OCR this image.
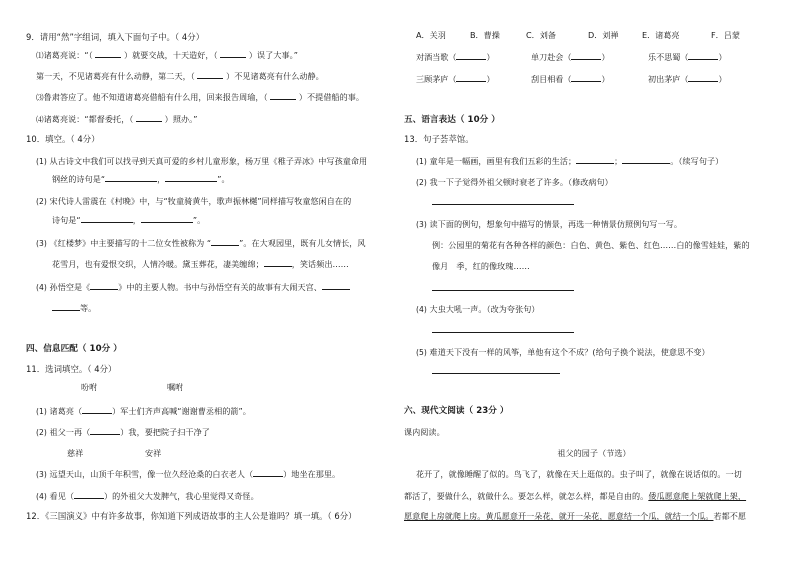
9．请用“然”字组词，填入下面句子中。（ 4分）
⑴诸葛亮说：“（	）就要交战，十天造好，（	）误了大事。”
第一天，不见诸葛亮有什么动静，第二天，（	）不见诸葛亮有什么动静。
⑶鲁肃答应了。他不知道诸葛亮借船有什么用，回来报告周瑜，（	）不提借船的事。
⑷诸葛亮说：“都督委托，（	）照办。”
10．填空。（ 4分）
(1) 从古诗文中我们可以找寻到天真可爱的乡村儿童形象，杨万里《稚子弄冰》中写孩童命用
钢丝的诗句是“	，	”。
(2) 宋代诗人雷震在《村晚》中，与“牧童骑黄牛，歌声振林樾”同样描写牧童悠闲自在的
诗句是“	，	”。
(3) 《红楼梦》中主要描写的十二位女性被称为 “	”。在大观园里，既有儿女情长，风
花雪月，也有爱恨交织，人情冷暖。黛玉葬花，凄美缠绵；	，笑话频出……
(4) 孙悟空是《	》中的主要人物。书中与孙悟空有关的故事有大闹天宫、
等。
四、信息匹配（ 10分 ）
11．选词填空。（ 4分）
吩咐	嘱咐
(1) 诸葛亮（	）军士们齐声高喊“谢谢曹丞相的箭”。
(2) 祖父一再（	）我，要把院子扫干净了
慈祥	安祥
(3) 远望天山，山顶千年积雪，像一位久经沧桑的白衣老人（	）地坐在那里。
(4) 看见（	）的外祖父大发脾气，我心里觉得又奇怪。
12．《三国演义》中有许多故事，你知道下列成语故事的主人公是谁吗？填一填。（ 6分）
A．关羽	B．曹操	C．刘备	D．刘禅	E．诸葛亮	F．吕蒙
对酒当歌（	）	单刀赴会（	）	乐不思蜀（	）
三顾茅庐（	）	刮目相看（	）	初出茅庐（	）
五、语言表达（ 10分 ）
13．句子荟萃馆。
(1) 童年是一幅画，画里有我们五彩的生活；	；	。（续写句子）
(2) 我一下子觉得外祖父顿时衰老了许多。（修改病句）
(3) 读下面的例句，想象句中描写的情景，再选一种情景仿照例句写一写。
例：公园里的菊花有各种各样的颜色：白色、黄色、紫色、红色……白的像雪娃娃，紫的
像月　季，红的像玫瑰……
(4) 大虫大吼一声。（改为夸张句）
(5) 难道天下没有一样的风筝，单他有这个不成？(给句子换个说法，使意思不变）
六、现代文阅读（ 23分 ）
课内阅读。
祖父的园子（节选）
花开了，就像睡醒了似的。鸟飞了，就像在天上逛似的。虫子叫了，就像在说话似的。一切
都活了，要做什么，就做什么。要怎么样，就怎么样，都是自由的。倭瓜愿意爬上架就爬上架，
愿意爬上房就爬上房。黄瓜愿意开一朵花，就开一朵花，愿意结一个瓜，就结一个瓜。若都不愿
